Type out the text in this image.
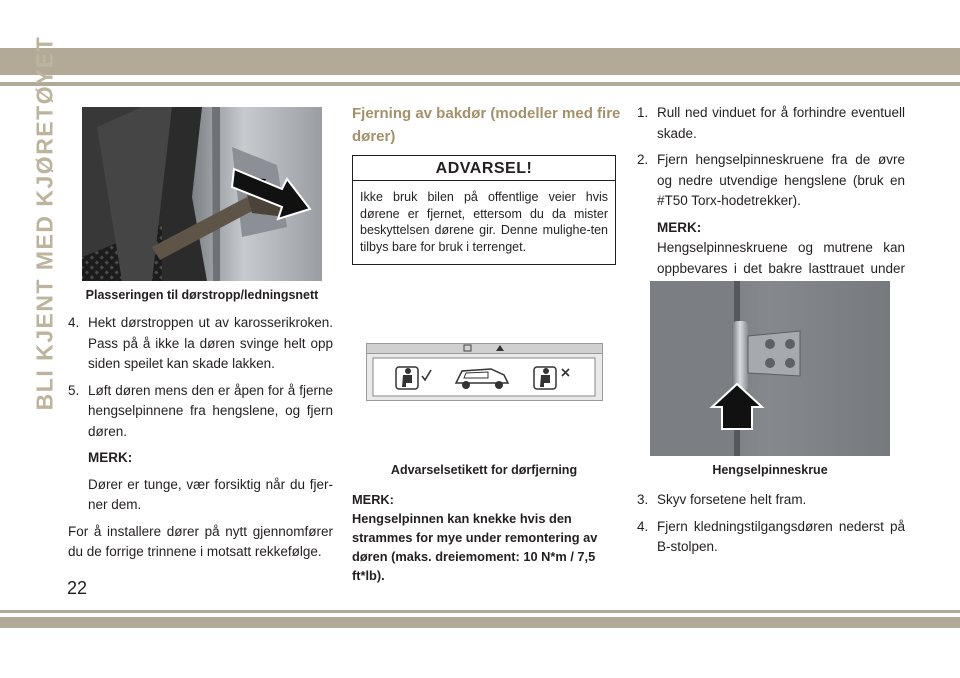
BLI KJENT MED KJØRETØYET
22
Plasseringen til dørstropp/ledningsnett
4. Hekt dørstroppen ut av karosserikroken. Pass på å ikke la døren svinge helt opp siden speilet kan skade lakken.
5. Løft døren mens den er åpen for å fjerne hengselpinnene fra hengslene, og fjern døren.
MERK:
Dører er tunge, vær forsiktig når du fjer-ner dem.
For å installere dører på nytt gjennomfører du de forrige trinnene i motsatt rekkefølge.
Fjerning av bakdør (modeller med fire dører)
ADVARSEL!
Ikke bruk bilen på offentlige veier hvis dørene er fjernet, ettersom du da mister beskyttelsen dørene gir. Denne mulighe-ten tilbys bare for bruk i terrenget.
Advarselsetikett for dørfjerning
MERK:
Hengselpinnen kan knekke hvis den strammes for mye under remontering av døren (maks. dreiemoment: 10 N*m / 7,5 ft*lb).
1. Rull ned vinduet for å forhindre eventuell skade.
2. Fjern hengselpinneskruene fra de øvre og nedre utvendige hengslene (bruk en #T50 Torx-hodetrekker).
MERK:
Hengselpinneskruene og mutrene kan oppbevares i det bakre lasttrauet under
Hengselpinneskrue
3. Skyv forsetene helt fram.
4. Fjern kledningstilgangsdøren nederst på B-stolpen.
